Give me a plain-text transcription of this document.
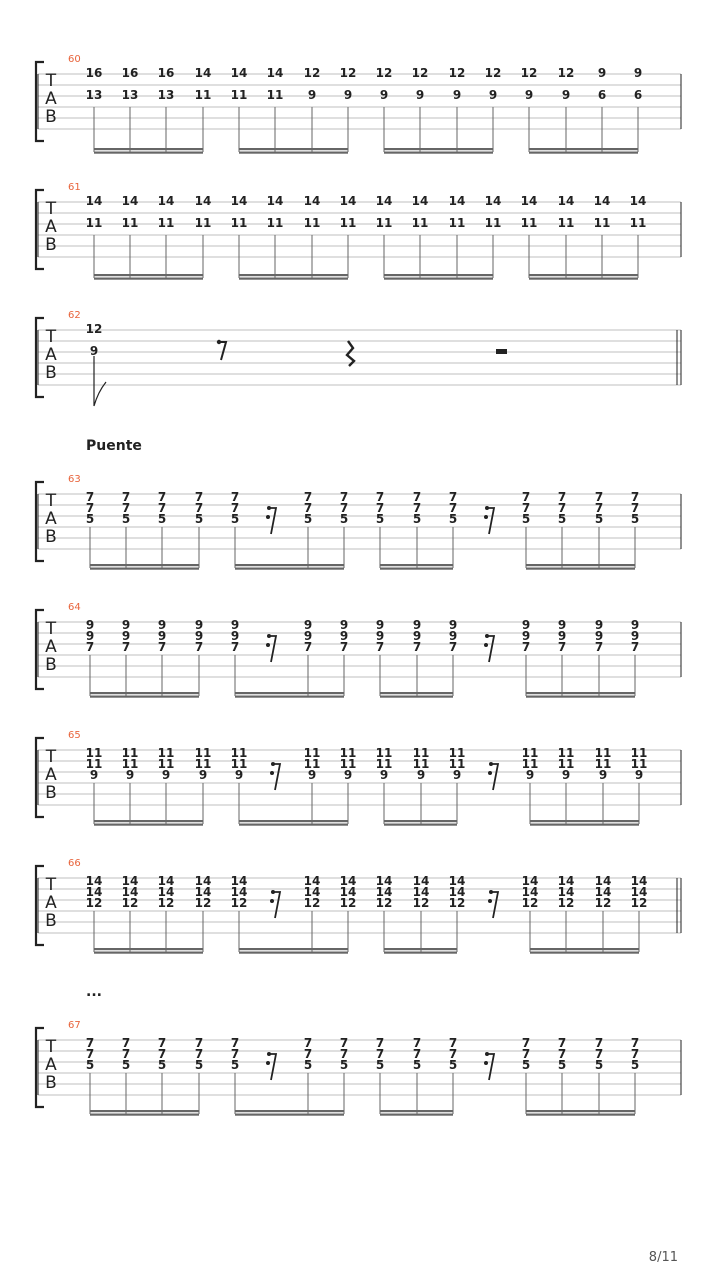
T
A
B
60
16
13
16
13
16
13
14
11
14
11
14
11
12
9
12
9
12
9
12
9
12
9
12
9
12
9
12
9
9
6
9
6
T
A
B
61
14
11
14
11
14
11
14
11
14
11
14
11
14
11
14
11
14
11
14
11
14
11
14
11
14
11
14
11
14
11
14
11
T
A
B
62
12
9
T
A
B
63
7
7
5
7
7
5
7
7
5
7
7
5
7
7
5
7
7
5
7
7
5
7
7
5
7
7
5
7
7
5
7
7
5
7
7
5
7
7
5
7
7
5
T
A
B
64
9
9
7
9
9
7
9
9
7
9
9
7
9
9
7
9
9
7
9
9
7
9
9
7
9
9
7
9
9
7
9
9
7
9
9
7
9
9
7
9
9
7
T
A
B
65
11
11
9
11
11
9
11
11
9
11
11
9
11
11
9
11
11
9
11
11
9
11
11
9
11
11
9
11
11
9
11
11
9
11
11
9
11
11
9
11
11
9
T
A
B
66
14
14
12
14
14
12
14
14
12
14
14
12
14
14
12
14
14
12
14
14
12
14
14
12
14
14
12
14
14
12
14
14
12
14
14
12
14
14
12
14
14
12
T
A
B
67
7
7
5
7
7
5
7
7
5
7
7
5
7
7
5
7
7
5
7
7
5
7
7
5
7
7
5
7
7
5
7
7
5
7
7
5
7
7
5
7
7
5
Puente
...
8/11
